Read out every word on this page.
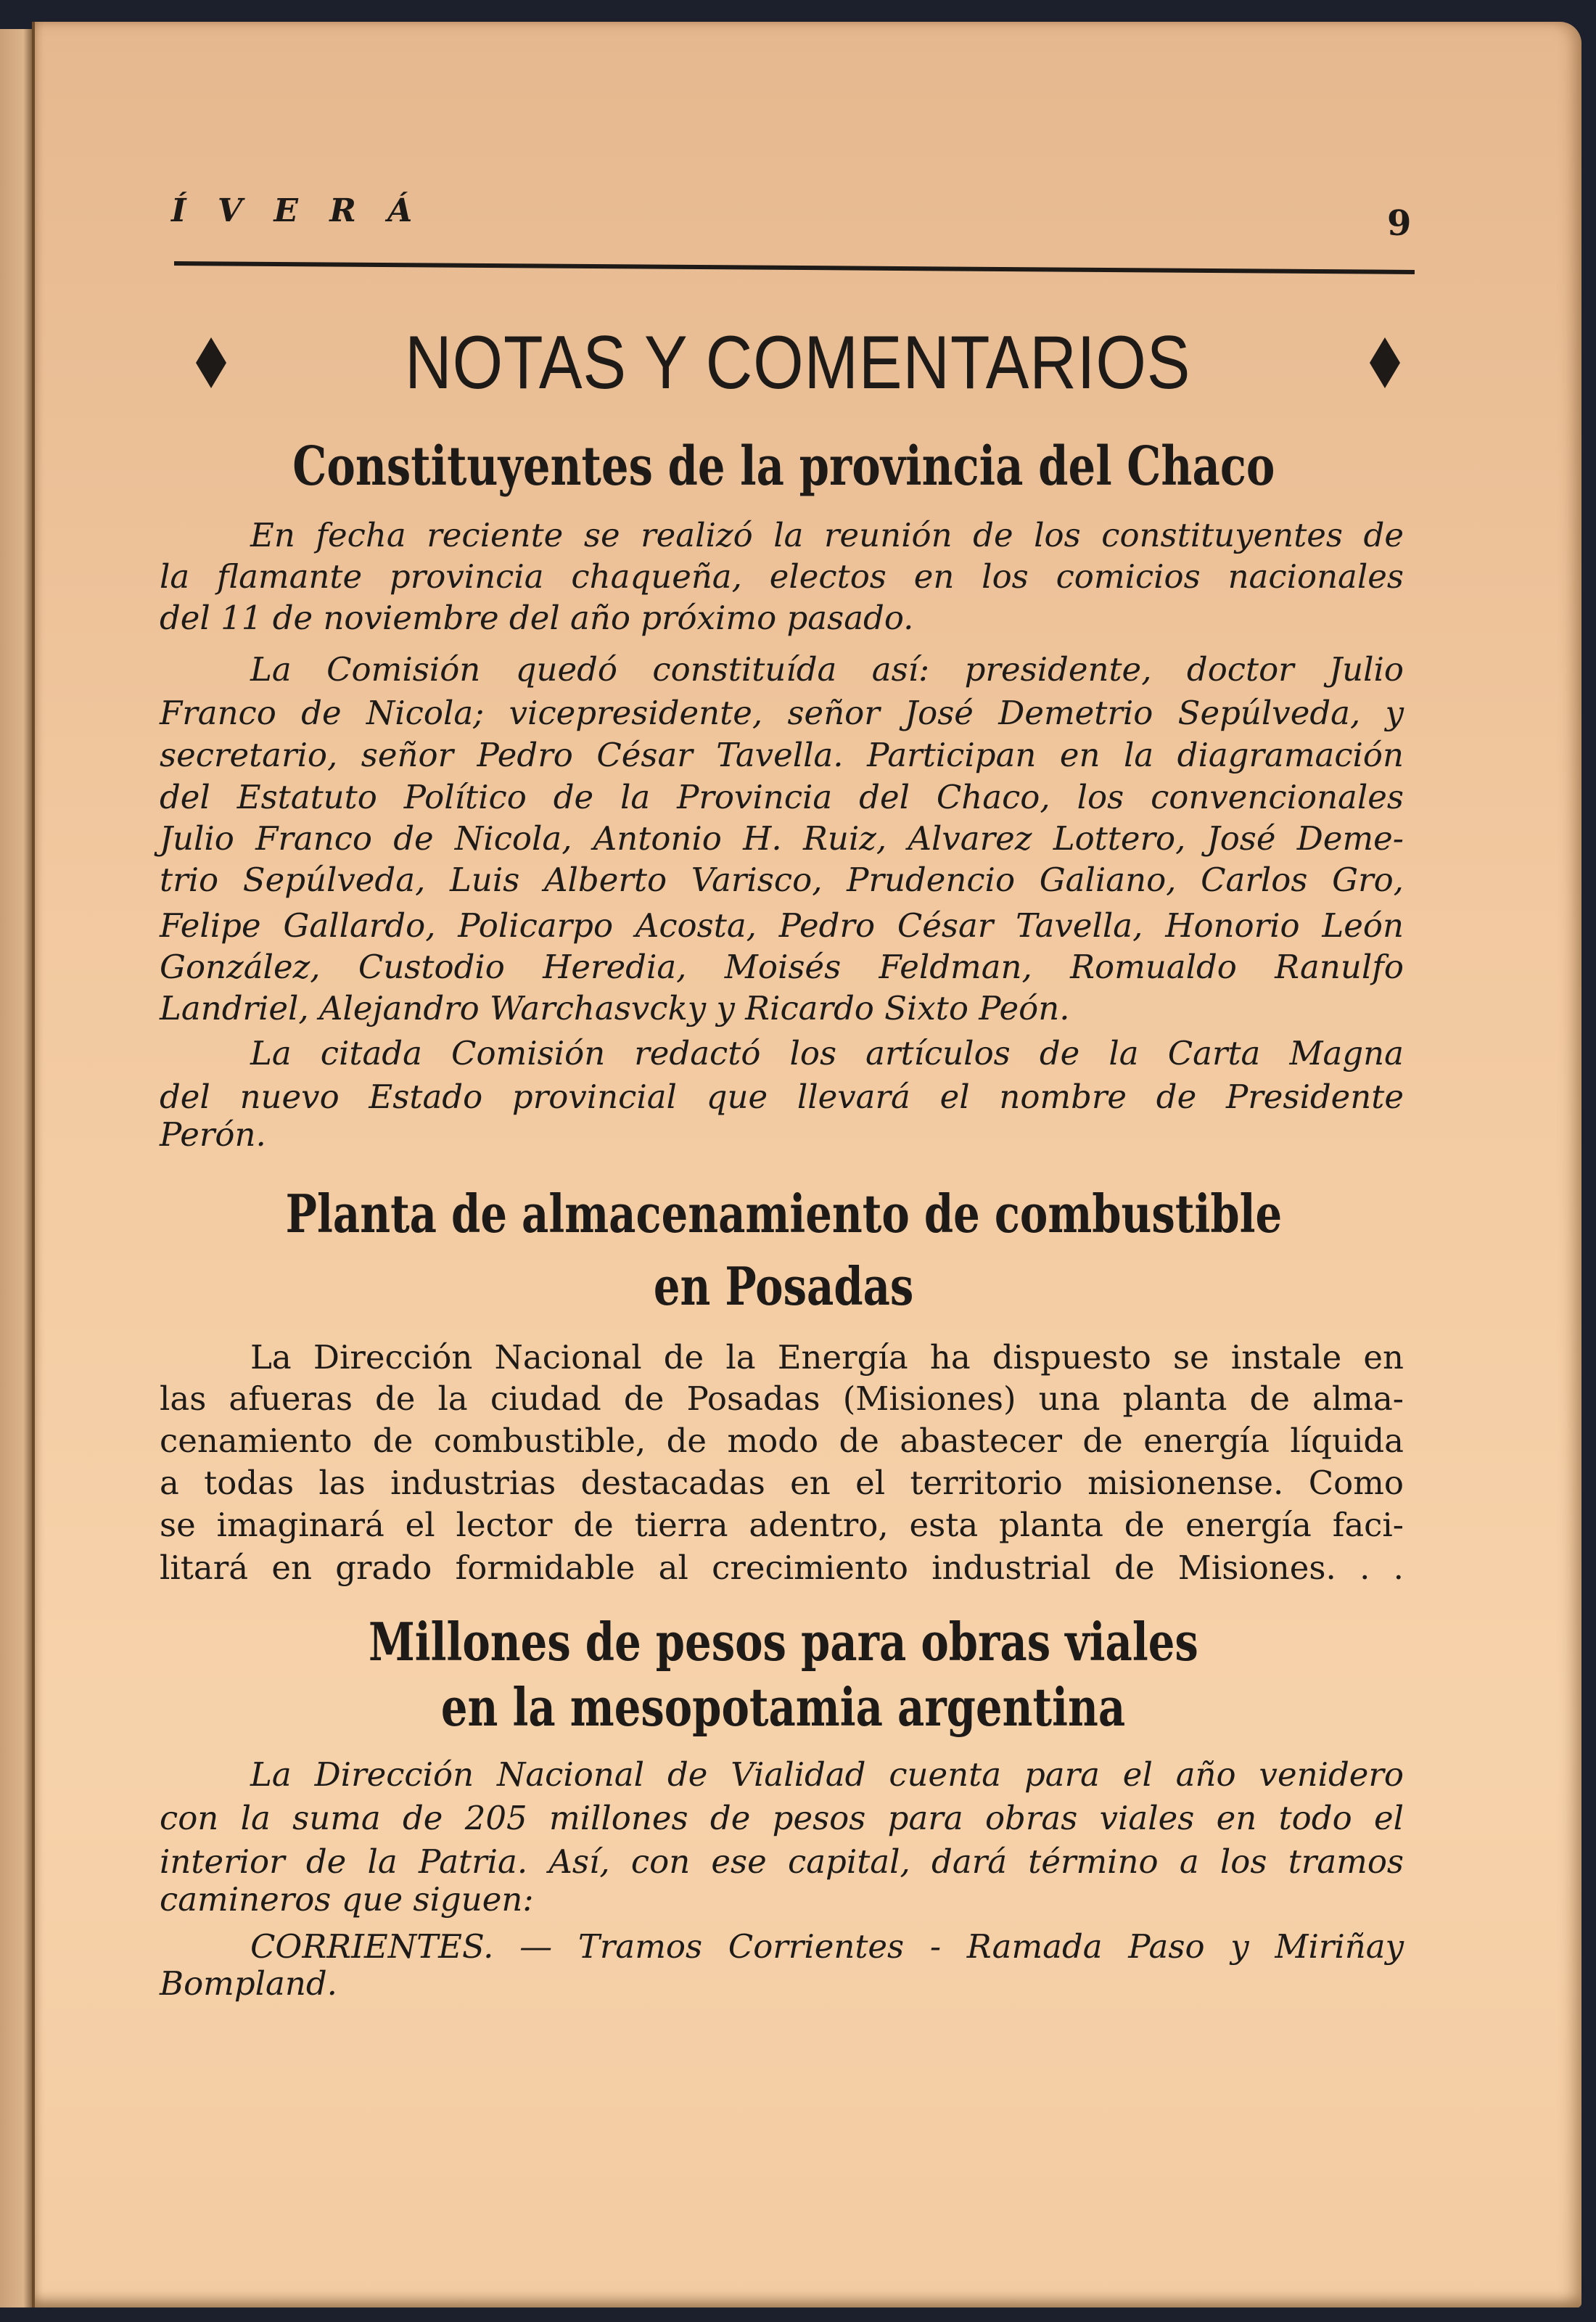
Í V E R Á	9
NOTAS Y COMENTARIOS
Constituyentes de la provincia del Chaco
En fecha reciente se realizó la reunión de los constituyentes de
la flamante provincia chaqueña, electos en los comicios nacionales
del 11 de noviembre del año próximo pasado.
La Comisión quedó constituída así: presidente, doctor Julio
Franco de Nicola; vicepresidente, señor José Demetrio Sepúlveda, y
secretario, señor Pedro César Tavella. Participan en la diagramación
del Estatuto Político de la Provincia del Chaco, los convencionales
Julio Franco de Nicola, Antonio H. Ruiz, Alvarez Lottero, José Deme-
trio Sepúlveda, Luis Alberto Varisco, Prudencio Galiano, Carlos Gro,
Felipe Gallardo, Policarpo Acosta, Pedro César Tavella, Honorio León
González, Custodio Heredia, Moisés Feldman, Romualdo Ranulfo
Landriel, Alejandro Warchasvcky y Ricardo Sixto Peón.
La citada Comisión redactó los artículos de la Carta Magna
del nuevo Estado provincial que llevará el nombre de Presidente
Perón.
Planta de almacenamiento de combustible
en Posadas
La Dirección Nacional de la Energía ha dispuesto se instale en
las afueras de la ciudad de Posadas (Misiones) una planta de alma-
cenamiento de combustible, de modo de abastecer de energía líquida
a todas las industrias destacadas en el territorio misionense. Como
se imaginará el lector de tierra adentro, esta planta de energía faci-
litará en grado formidable al crecimiento industrial de Misiones. . .
Millones de pesos para obras viales
en la mesopotamia argentina
La Dirección Nacional de Vialidad cuenta para el año venidero
con la suma de 205 millones de pesos para obras viales en todo el
interior de la Patria. Así, con ese capital, dará término a los tramos
camineros que siguen:
CORRIENTES. — Tramos Corrientes - Ramada Paso y Miriñay
Bompland.
